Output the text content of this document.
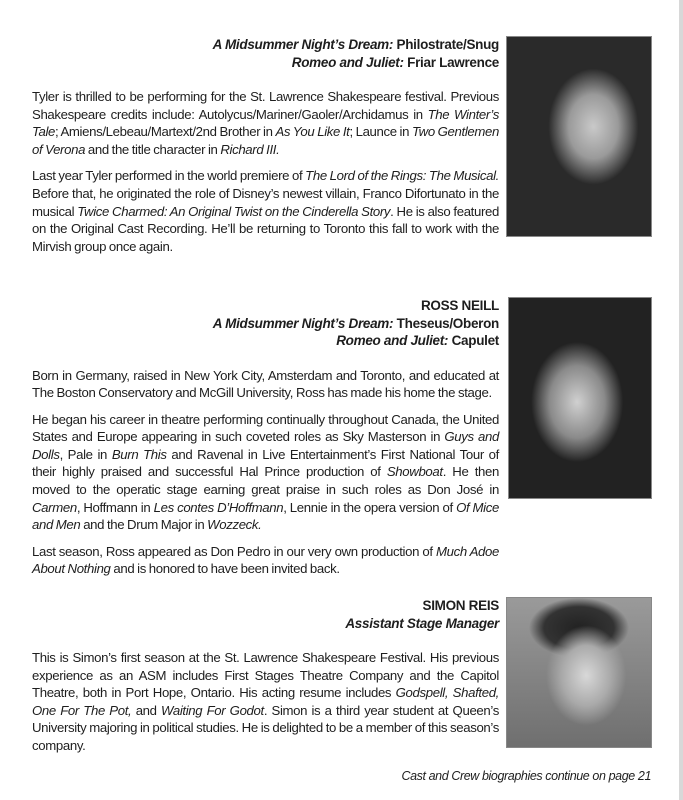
A Midsummer Night’s Dream: Philostrate/Snug
Romeo and Juliet: Friar Lawrence

Tyler is thrilled to be performing for the St. Lawrence Shakespeare festival. Previous Shakespeare credits include: Autolycus/Mariner/Gaoler/Archidamus in The Winter’s Tale; Amiens/Lebeau/Martext/2nd Brother in As You Like It; Launce in Two Gentlemen of Verona and the title character in Richard III.

Last year Tyler performed in the world premiere of The Lord of the Rings: The Musical. Before that, he originated the role of Disney’s newest villain, Franco Difortunato in the musical Twice Charmed: An Original Twist on the Cinderella Story. He is also featured on the Original Cast Recording. He’ll be returning to Toronto this fall to work with the Mirvish group once again.

ROSS NEILL
A Midsummer Night’s Dream: Theseus/Oberon
Romeo and Juliet: Capulet

Born in Germany, raised in New York City, Amsterdam and Toronto, and educated at The Boston Conservatory and McGill University, Ross has made his home the stage.

He began his career in theatre performing continually throughout Canada, the United States and Europe appearing in such coveted roles as Sky Masterson in Guys and Dolls, Pale in Burn This and Ravenal in Live Entertainment’s First National Tour of their highly praised and successful Hal Prince production of Showboat. He then moved to the operatic stage earning great praise in such roles as Don José in Carmen, Hoffmann in Les contes D’Hoffmann, Lennie in the opera version of Of Mice and Men and the Drum Major in Wozzeck.

Last season, Ross appeared as Don Pedro in our very own production of Much Adoe About Nothing and is honored to have been invited back.

SIMON REIS
Assistant Stage Manager

This is Simon’s first season at the St. Lawrence Shakespeare Festival. His previous experience as an ASM includes First Stages Theatre Company and the Capitol Theatre, both in Port Hope, Ontario. His acting resume includes Godspell, Shafted, One For The Pot, and Waiting For Godot. Simon is a third year student at Queen’s University majoring in political studies. He is delighted to be a member of this season’s company.

Cast and Crew biographies continue on page 21
